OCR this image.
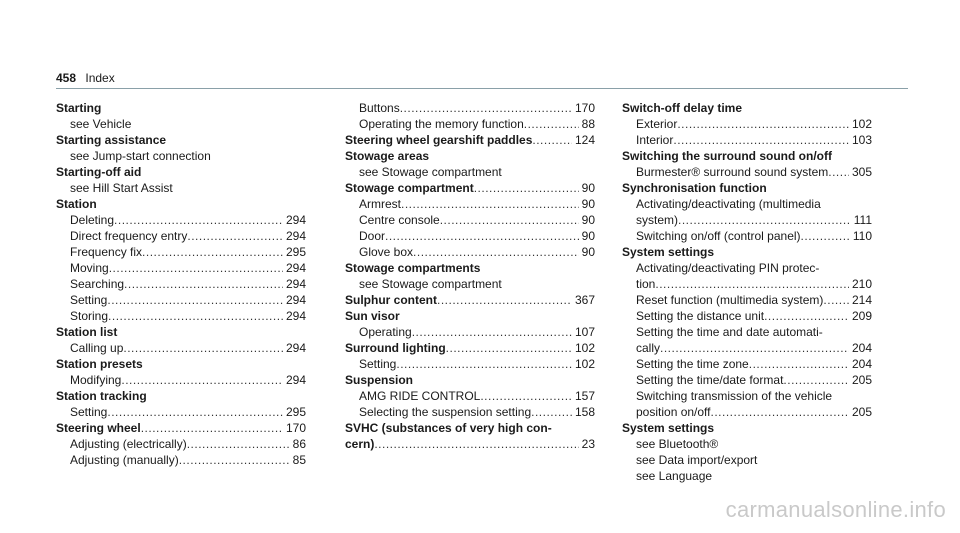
458 Index
Starting
see Vehicle
Starting assistance
see Jump-start connection
Starting-off aid
see Hill Start Assist
Station
Deleting .....	294
Direct frequency entry .....	294
Frequency fix .....	295
Moving .....	294
Searching .....	294
Setting .....	294
Storing .....	294
Station list
Calling up .....	294
Station presets
Modifying .....	294
Station tracking
Setting .....	295
Steering wheel .....	170
Adjusting (electrically) .....	86
Adjusting (manually) .....	85
Buttons .....	170
Operating the memory function .....	88
Steering wheel gearshift paddles .....	124
Stowage areas
see Stowage compartment
Stowage compartment .....	90
Armrest .....	90
Centre console .....	90
Door .....	90
Glove box .....	90
Stowage compartments
see Stowage compartment
Sulphur content .....	367
Sun visor
Operating .....	107
Surround lighting .....	102
Setting .....	102
Suspension
AMG RIDE CONTROL .....	157
Selecting the suspension setting .....	158
SVHC (substances of very high con-
cern) .....	23
Switch-off delay time
Exterior .....	102
Interior .....	103
Switching the surround sound on/off
Burmester® surround sound system ..... 305
Synchronisation function
Activating/deactivating (multimedia
system) .....	111
Switching on/off (control panel) .....	110
System settings
Activating/deactivating PIN protec-
tion .....	210
Reset function (multimedia system) ..... 214
Setting the distance unit .....	209
Setting the time and date automati-
cally .....	204
Setting the time zone .....	204
Setting the time/date format .....	205
Switching transmission of the vehicle
position on/off .....	205
System settings
see Bluetooth®
see Data import/export
see Language
carmanualsonline.info
